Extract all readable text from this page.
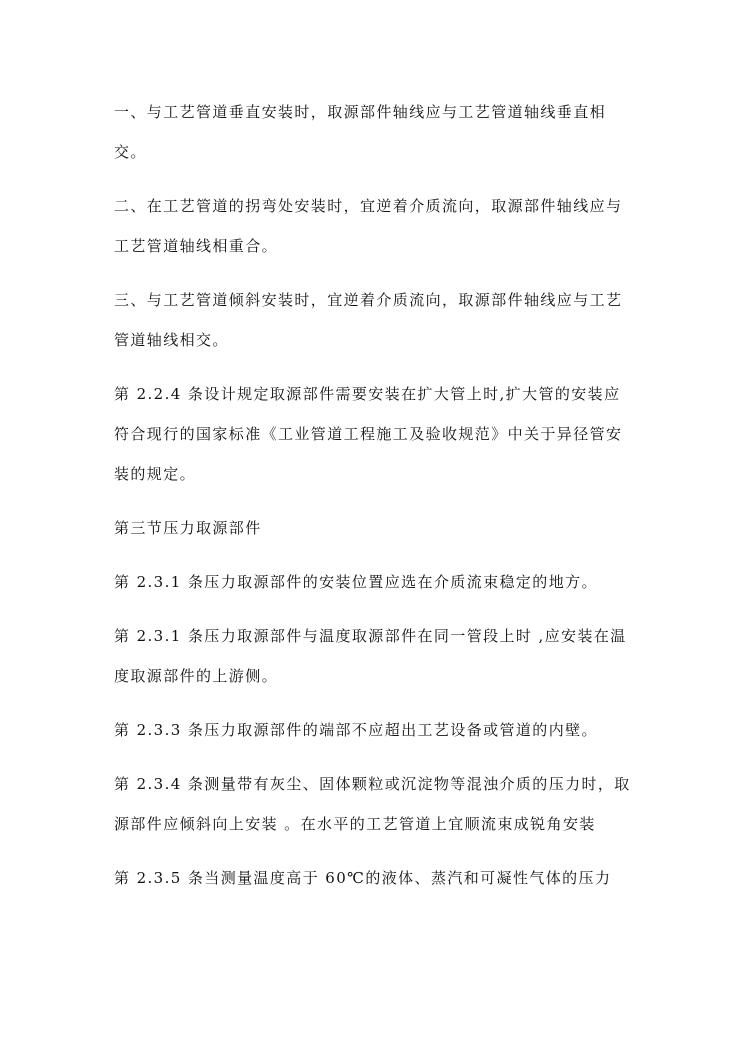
一、与工艺管道垂直安装时，取源部件轴线应与工艺管道轴线垂直相交。

二、在工艺管道的拐弯处安装时，宜逆着介质流向，取源部件轴线应与工艺管道轴线相重合。

三、与工艺管道倾斜安装时，宜逆着介质流向，取源部件轴线应与工艺管道轴线相交。

第 2.2.4 条设计规定取源部件需要安装在扩大管上时,扩大管的安装应符合现行的国家标准《工业管道工程施工及验收规范》中关于异径管安装的规定。

第三节压力取源部件

第 2.3.1 条压力取源部件的安装位置应选在介质流束稳定的地方。

第 2.3.1 条压力取源部件与温度取源部件在同一管段上时 ,应安装在温度取源部件的上游侧。

第 2.3.3 条压力取源部件的端部不应超出工艺设备或管道的内壁。

第 2.3.4 条测量带有灰尘、固体颗粒或沉淀物等混浊介质的压力时，取源部件应倾斜向上安装 。在水平的工艺管道上宜顺流束成锐角安装

第 2.3.5 条当测量温度高于 60℃的液体、蒸汽和可凝性气体的压力
